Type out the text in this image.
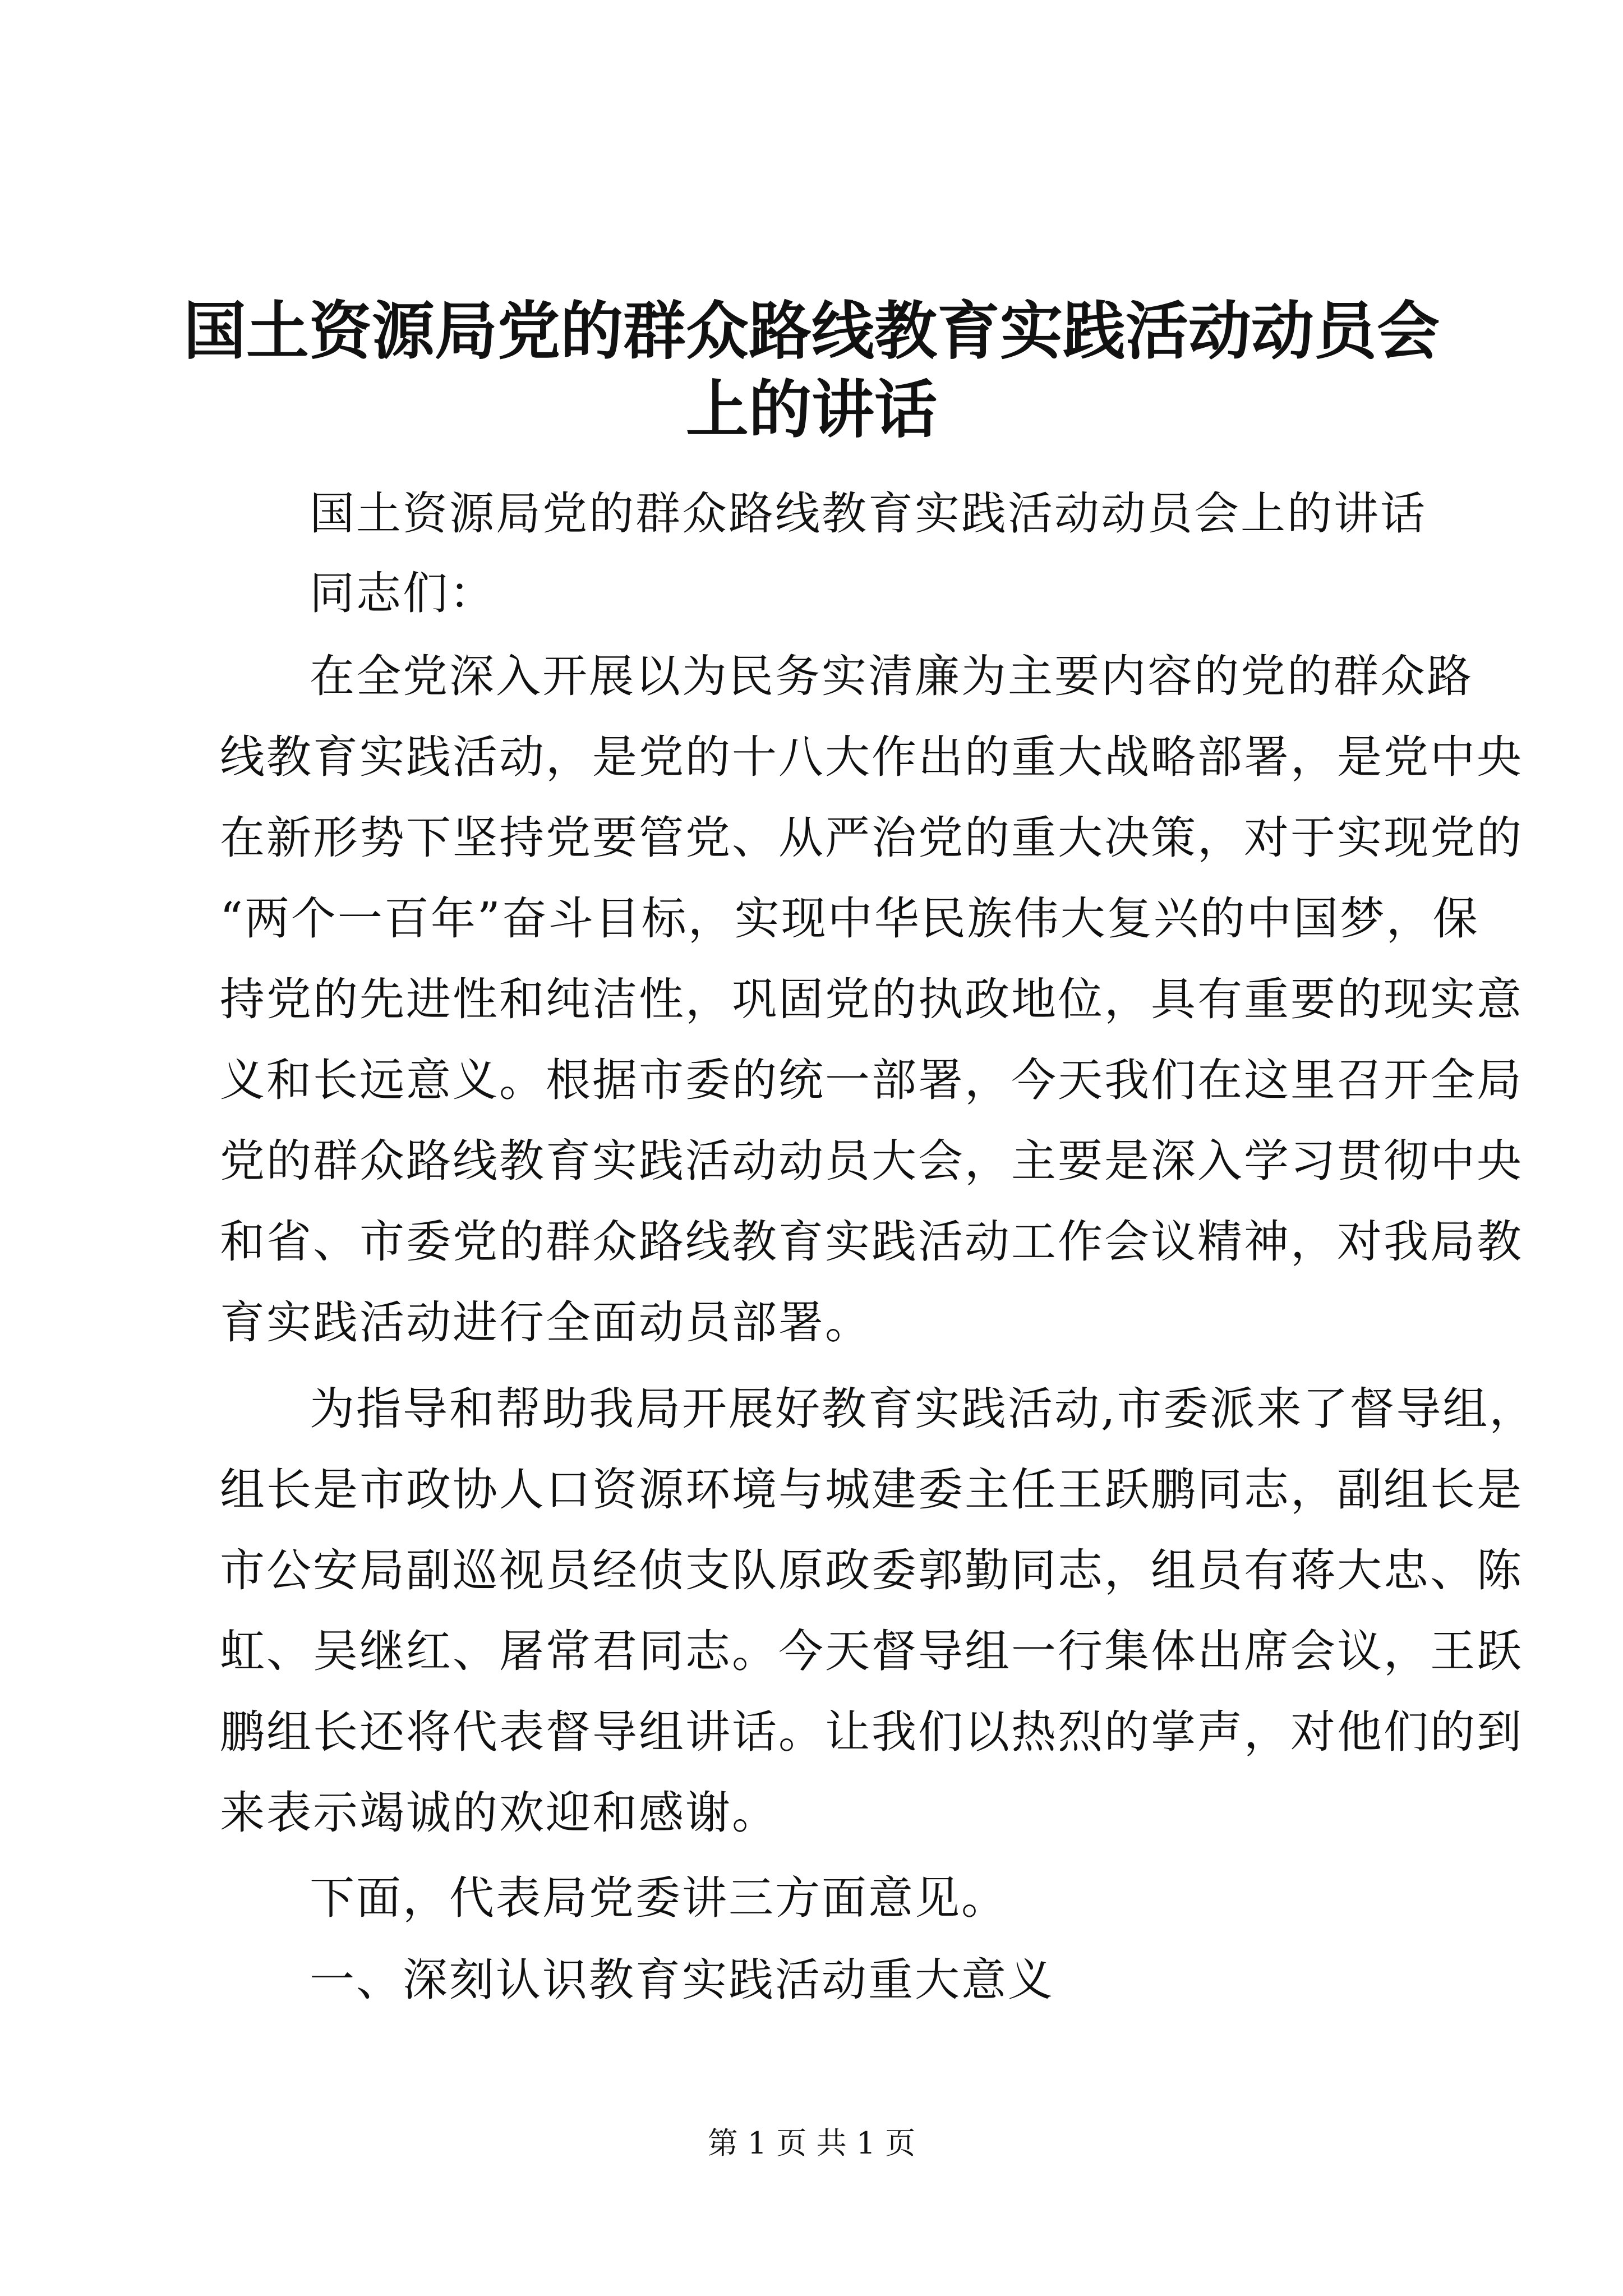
国土资源局党的群众路线教育实践活动动员会
上的讲话
国土资源局党的群众路线教育实践活动动员会上的讲话
同志们：
在全党深入开展以为民务实清廉为主要内容的党的群众路
线教育实践活动，是党的十八大作出的重大战略部署，是党中央
在新形势下坚持党要管党、从严治党的重大决策，对于实现党的
“两个一百年”奋斗目标，实现中华民族伟大复兴的中国梦，保
持党的先进性和纯洁性，巩固党的执政地位，具有重要的现实意
义和长远意义。根据市委的统一部署，今天我们在这里召开全局
党的群众路线教育实践活动动员大会，主要是深入学习贯彻中央
和省、市委党的群众路线教育实践活动工作会议精神，对我局教
育实践活动进行全面动员部署。
为指导和帮助我局开展好教育实践活动,市委派来了督导组，
组长是市政协人口资源环境与城建委主任王跃鹏同志，副组长是
市公安局副巡视员经侦支队原政委郭勤同志，组员有蒋大忠、陈
虹、吴继红、屠常君同志。今天督导组一行集体出席会议，王跃
鹏组长还将代表督导组讲话。让我们以热烈的掌声，对他们的到
来表示竭诚的欢迎和感谢。
下面，代表局党委讲三方面意见。
一、深刻认识教育实践活动重大意义
第 1 页 共 1 页
